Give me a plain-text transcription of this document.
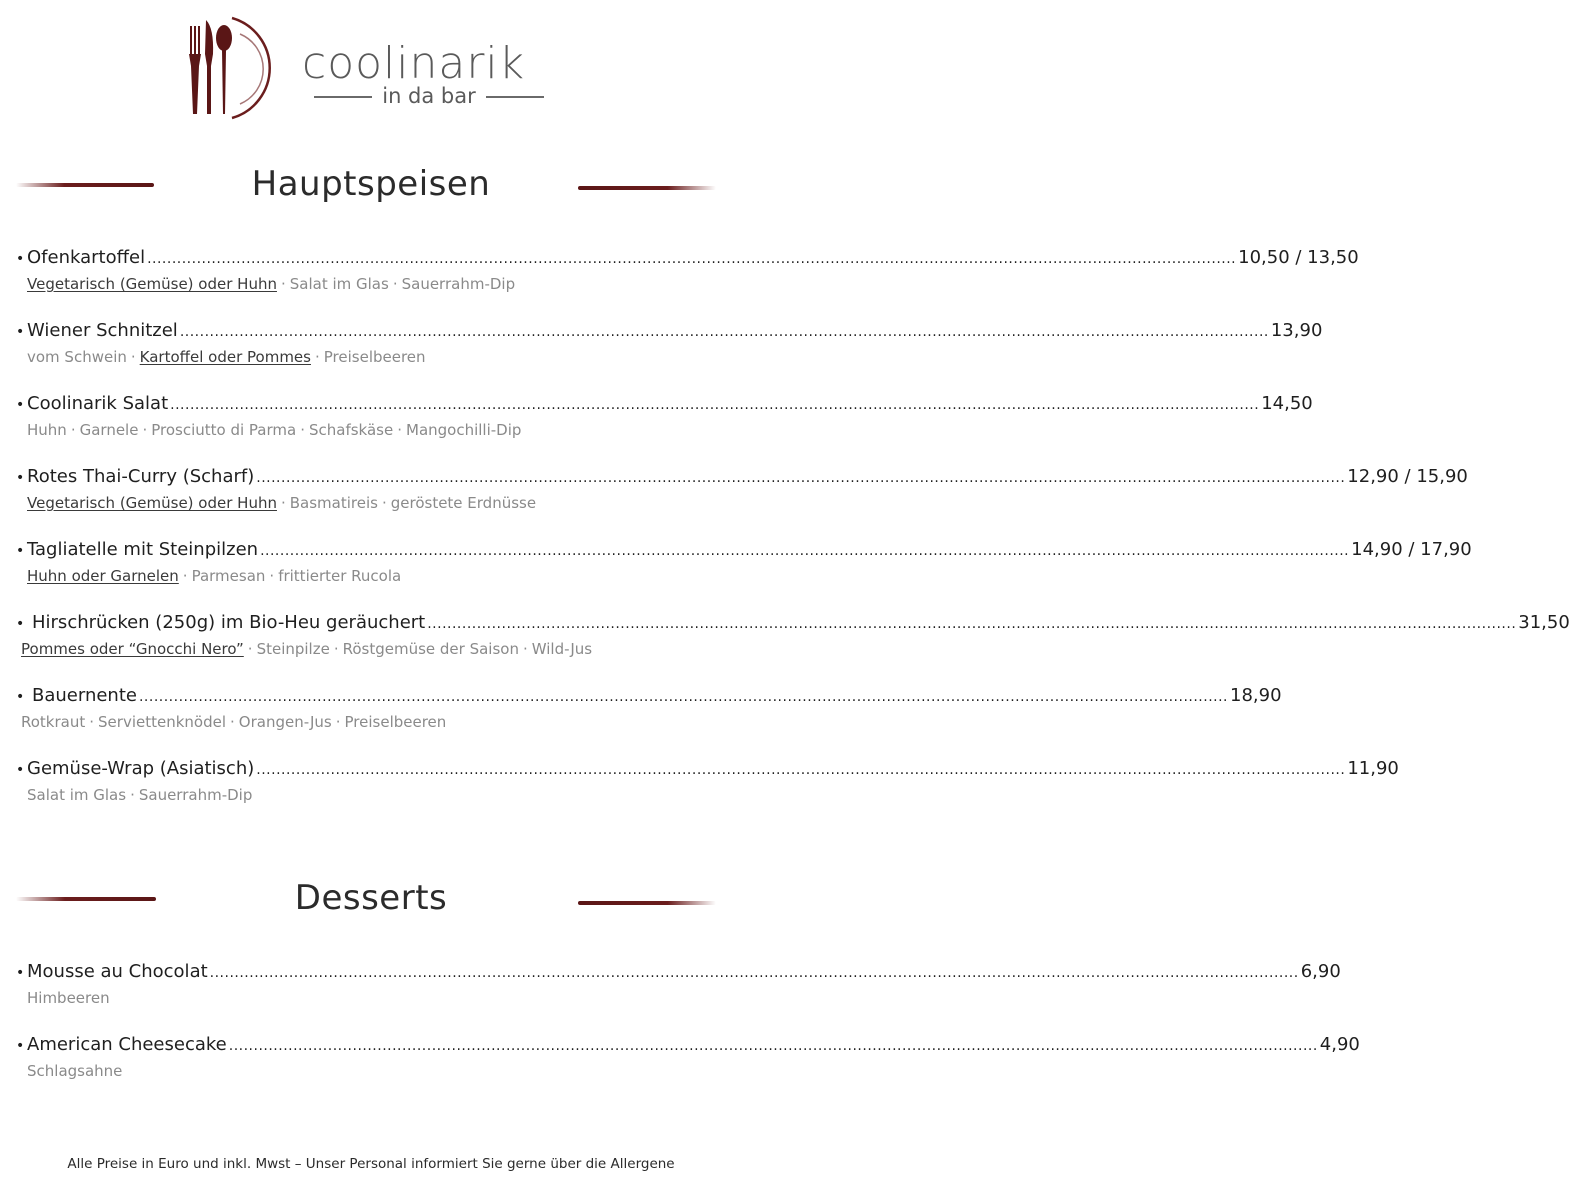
coolinarik
in da bar
Hauptspeisen
• Ofenkartoffel ............................................................................................................................................................................................................................ 10,50 / 13,50
Vegetarisch (Gemüse) oder Huhn · Salat im Glas · Sauerrahm-Dip
• Wiener Schnitzel ............................................................................................................................................................................................................................ 13,90
vom Schwein · Kartoffel oder Pommes · Preiselbeeren
• Coolinarik Salat ............................................................................................................................................................................................................................ 14,50
Huhn · Garnele · Prosciutto di Parma · Schafskäse · Mangochilli-Dip
• Rotes Thai-Curry (Scharf) ............................................................................................................................................................................................................................ 12,90 / 15,90
Vegetarisch (Gemüse) oder Huhn · Basmatireis · geröstete Erdnüsse
• Tagliatelle mit Steinpilzen ............................................................................................................................................................................................................................ 14,90 / 17,90
Huhn oder Garnelen · Parmesan · frittierter Rucola
• Hirschrücken (250g) im Bio-Heu geräuchert ............................................................................................................................................................................................................................ 31,50
Pommes oder “Gnocchi Nero” · Steinpilze · Röstgemüse der Saison · Wild-Jus
• Bauernente ............................................................................................................................................................................................................................ 18,90
Rotkraut · Serviettenknödel · Orangen-Jus · Preiselbeeren
• Gemüse-Wrap (Asiatisch) ............................................................................................................................................................................................................................ 11,90
Salat im Glas · Sauerrahm-Dip
Desserts
• Mousse au Chocolat ............................................................................................................................................................................................................................ 6,90
Himbeeren
• American Cheesecake ............................................................................................................................................................................................................................ 4,90
Schlagsahne
Alle Preise in Euro und inkl. Mwst – Unser Personal informiert Sie gerne über die Allergene
